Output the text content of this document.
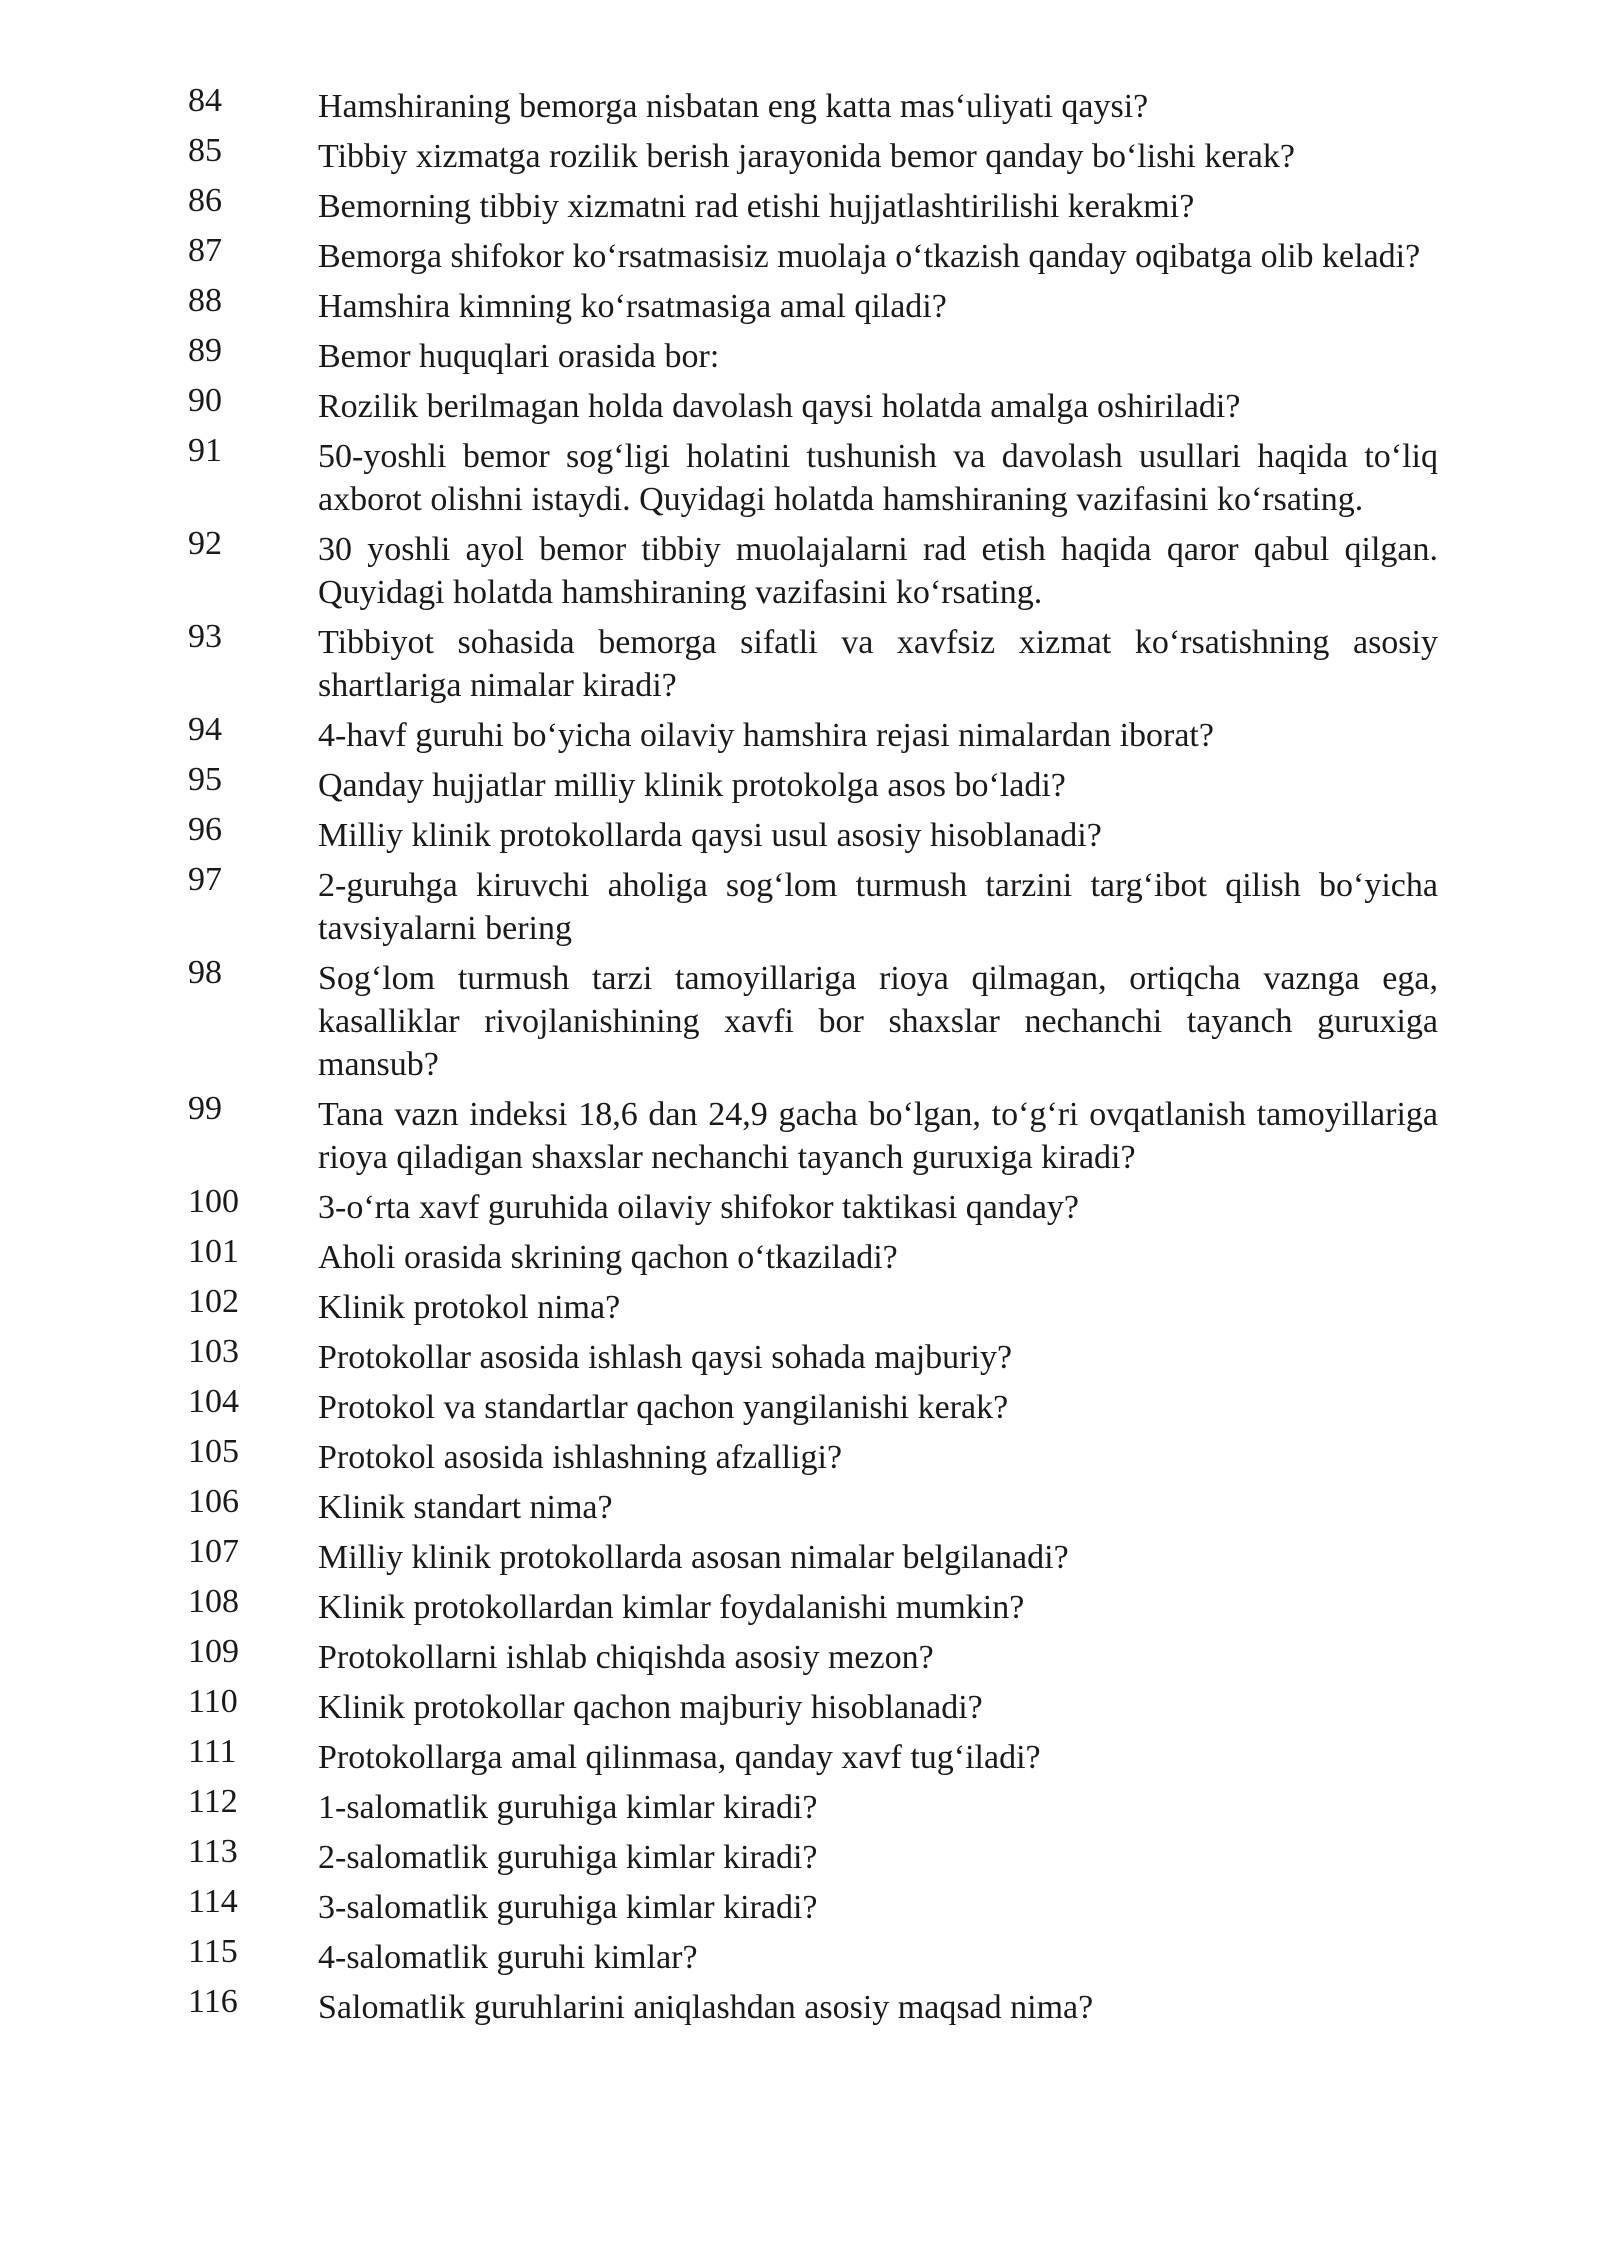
84	Hamshiraning bemorga nisbatan eng katta mas‘uliyati qaysi?
85	Tibbiy xizmatga rozilik berish jarayonida bemor qanday bo‘lishi kerak?
86	Bemorning tibbiy xizmatni rad etishi hujjatlashtirilishi kerakmi?
87	Bemorga shifokor ko‘rsatmasisiz muolaja o‘tkazish qanday oqibatga olib keladi?
88	Hamshira kimning ko‘rsatmasiga amal qiladi?
89	Bemor huquqlari orasida bor:
90	Rozilik berilmagan holda davolash qaysi holatda amalga oshiriladi?
91	50-yoshli bemor sog‘ligi holatini tushunish va davolash usullari haqida to‘liq axborot olishni istaydi. Quyidagi holatda hamshiraning vazifasini ko‘rsating.
92	30 yoshli ayol bemor tibbiy muolajalarni rad etish haqida qaror qabul qilgan. Quyidagi holatda hamshiraning vazifasini ko‘rsating.
93	Tibbiyot sohasida bemorga sifatli va xavfsiz xizmat ko‘rsatishning asosiy shartlariga nimalar kiradi?
94	4-havf guruhi bo‘yicha oilaviy hamshira rejasi nimalardan iborat?
95	Qanday hujjatlar milliy klinik protokolga asos bo‘ladi?
96	Milliy klinik protokollarda qaysi usul asosiy hisoblanadi?
97	2-guruhga kiruvchi aholiga sog‘lom turmush tarzini targ‘ibot qilish bo‘yicha tavsiyalarni bering
98	Sog‘lom turmush tarzi tamoyillariga rioya qilmagan, ortiqcha vaznga ega, kasalliklar rivojlanishining xavfi bor shaxslar nechanchi tayanch guruxiga mansub?
99	Tana vazn indeksi 18,6 dan 24,9 gacha bo‘lgan, to‘g‘ri ovqatlanish tamoyillariga rioya qiladigan shaxslar nechanchi tayanch guruxiga kiradi?
100	3-o‘rta xavf guruhida oilaviy shifokor taktikasi qanday?
101	Aholi orasida skrining qachon o‘tkaziladi?
102	Klinik protokol nima?
103	Protokollar asosida ishlash qaysi sohada majburiy?
104	Protokol va standartlar qachon yangilanishi kerak?
105	Protokol asosida ishlashning afzalligi?
106	Klinik standart nima?
107	Milliy klinik protokollarda asosan nimalar belgilanadi?
108	Klinik protokollardan kimlar foydalanishi mumkin?
109	Protokollarni ishlab chiqishda asosiy mezon?
110	Klinik protokollar qachon majburiy hisoblanadi?
111	Protokollarga amal qilinmasa, qanday xavf tug‘iladi?
112	1-salomatlik guruhiga kimlar kiradi?
113	2-salomatlik guruhiga kimlar kiradi?
114	3-salomatlik guruhiga kimlar kiradi?
115	4-salomatlik guruhi kimlar?
116	Salomatlik guruhlarini aniqlashdan asosiy maqsad nima?
